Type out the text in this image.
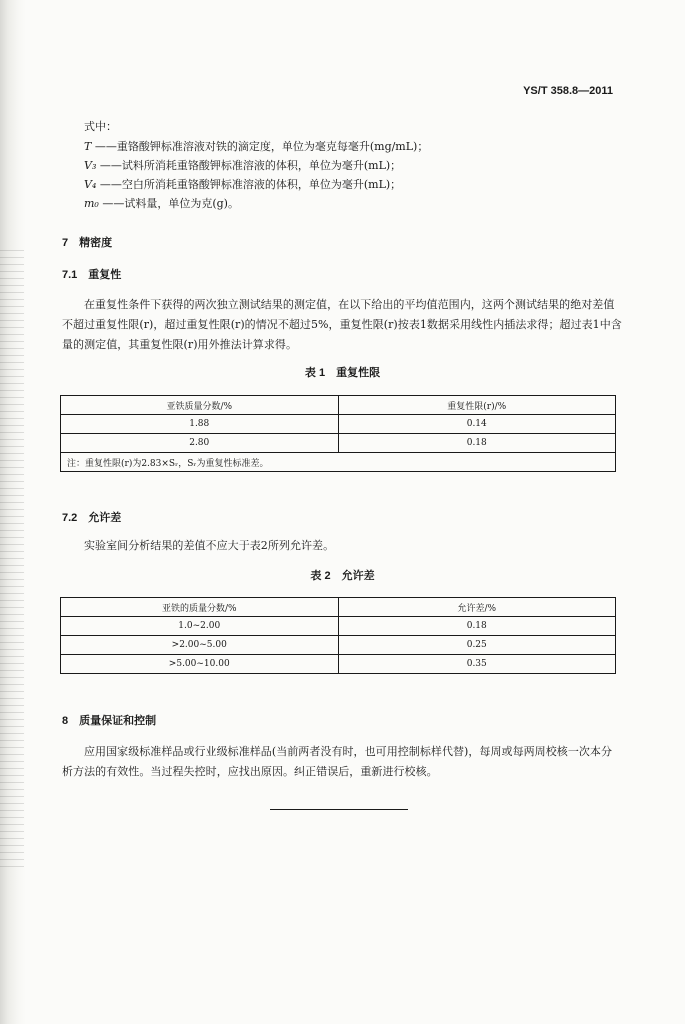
YS/T 358.8—2011
式中：
T ——重铬酸钾标准溶液对铁的滴定度，单位为毫克每毫升(mg/mL)；
V₃ ——试料所消耗重铬酸钾标准溶液的体积，单位为毫升(mL)；
V₄ ——空白所消耗重铬酸钾标准溶液的体积，单位为毫升(mL)；
m₀ ——试料量，单位为克(g)。
7　精密度
7.1　重复性
在重复性条件下获得的两次独立测试结果的测定值，在以下给出的平均值范围内，这两个测试结果的绝对差值不超过重复性限(r)，超过重复性限(r)的情况不超过5%，重复性限(r)按表1数据采用线性内插法求得；超过表1中含量的测定值，其重复性限(r)用外推法计算求得。
表 1　重复性限
亚铁质量分数/%	重复性限(r)/%
1.88	0.14
2.80	0.18
注：重复性限(r)为2.83×Sᵣ，Sᵣ为重复性标准差。	
7.2　允许差
实验室间分析结果的差值不应大于表2所列允许差。
表 2　允许差
亚铁的质量分数/%	允许差/%
1.0~2.00	0.18
>2.00~5.00	0.25
>5.00~10.00	0.35
8　质量保证和控制
应用国家级标准样品或行业级标准样品(当前两者没有时，也可用控制标样代替)，每周或每两周校核一次本分析方法的有效性。当过程失控时，应找出原因。纠正错误后，重新进行校核。
